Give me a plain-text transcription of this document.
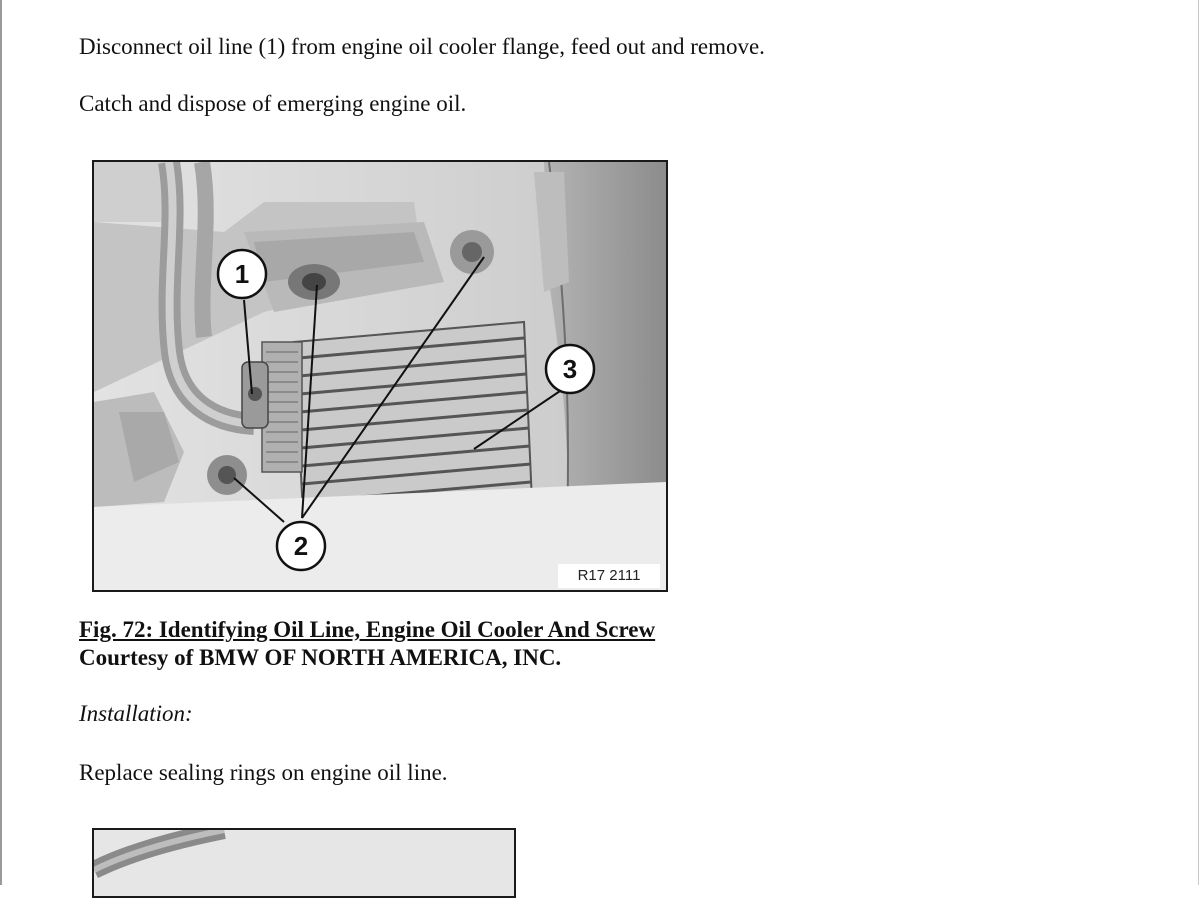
Disconnect oil line (1) from engine oil cooler flange, feed out and remove.

Catch and dispose of emerging engine oil.

1
2
3
R17 2111
Fig. 72: Identifying Oil Line, Engine Oil Cooler And Screw
Courtesy of BMW OF NORTH AMERICA, INC.

Installation:

Replace sealing rings on engine oil line.
